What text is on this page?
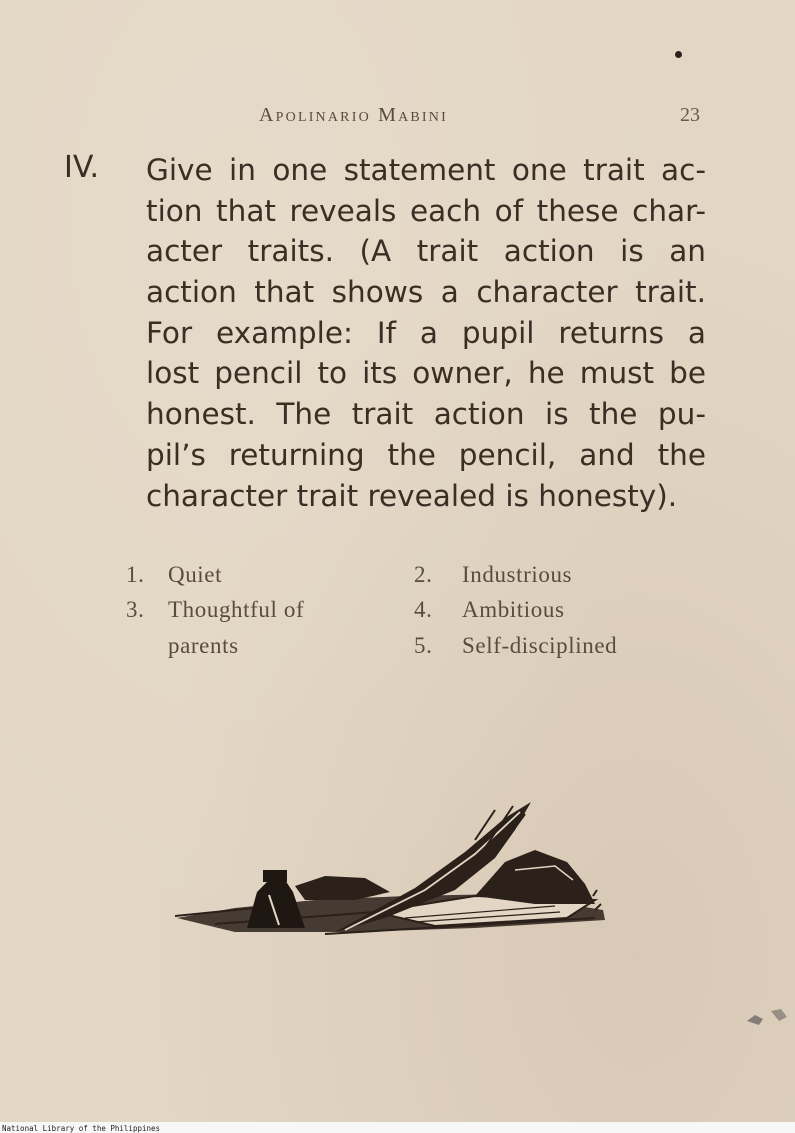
Apolinario Mabini	23
IV. Give in one statement one trait ac-
tion that reveals each of these char-
acter traits. (A trait action is an
action that shows a character trait.
For example: If a pupil returns a
lost pencil to its owner, he must be
honest. The trait action is the pu-
pil’s returning the pencil, and the
character trait revealed is honesty).
1. Quiet	2. Industrious
3. Thoughtful of
parents
4. Ambitious
5. Self-disciplined
National Library of the Philippines
